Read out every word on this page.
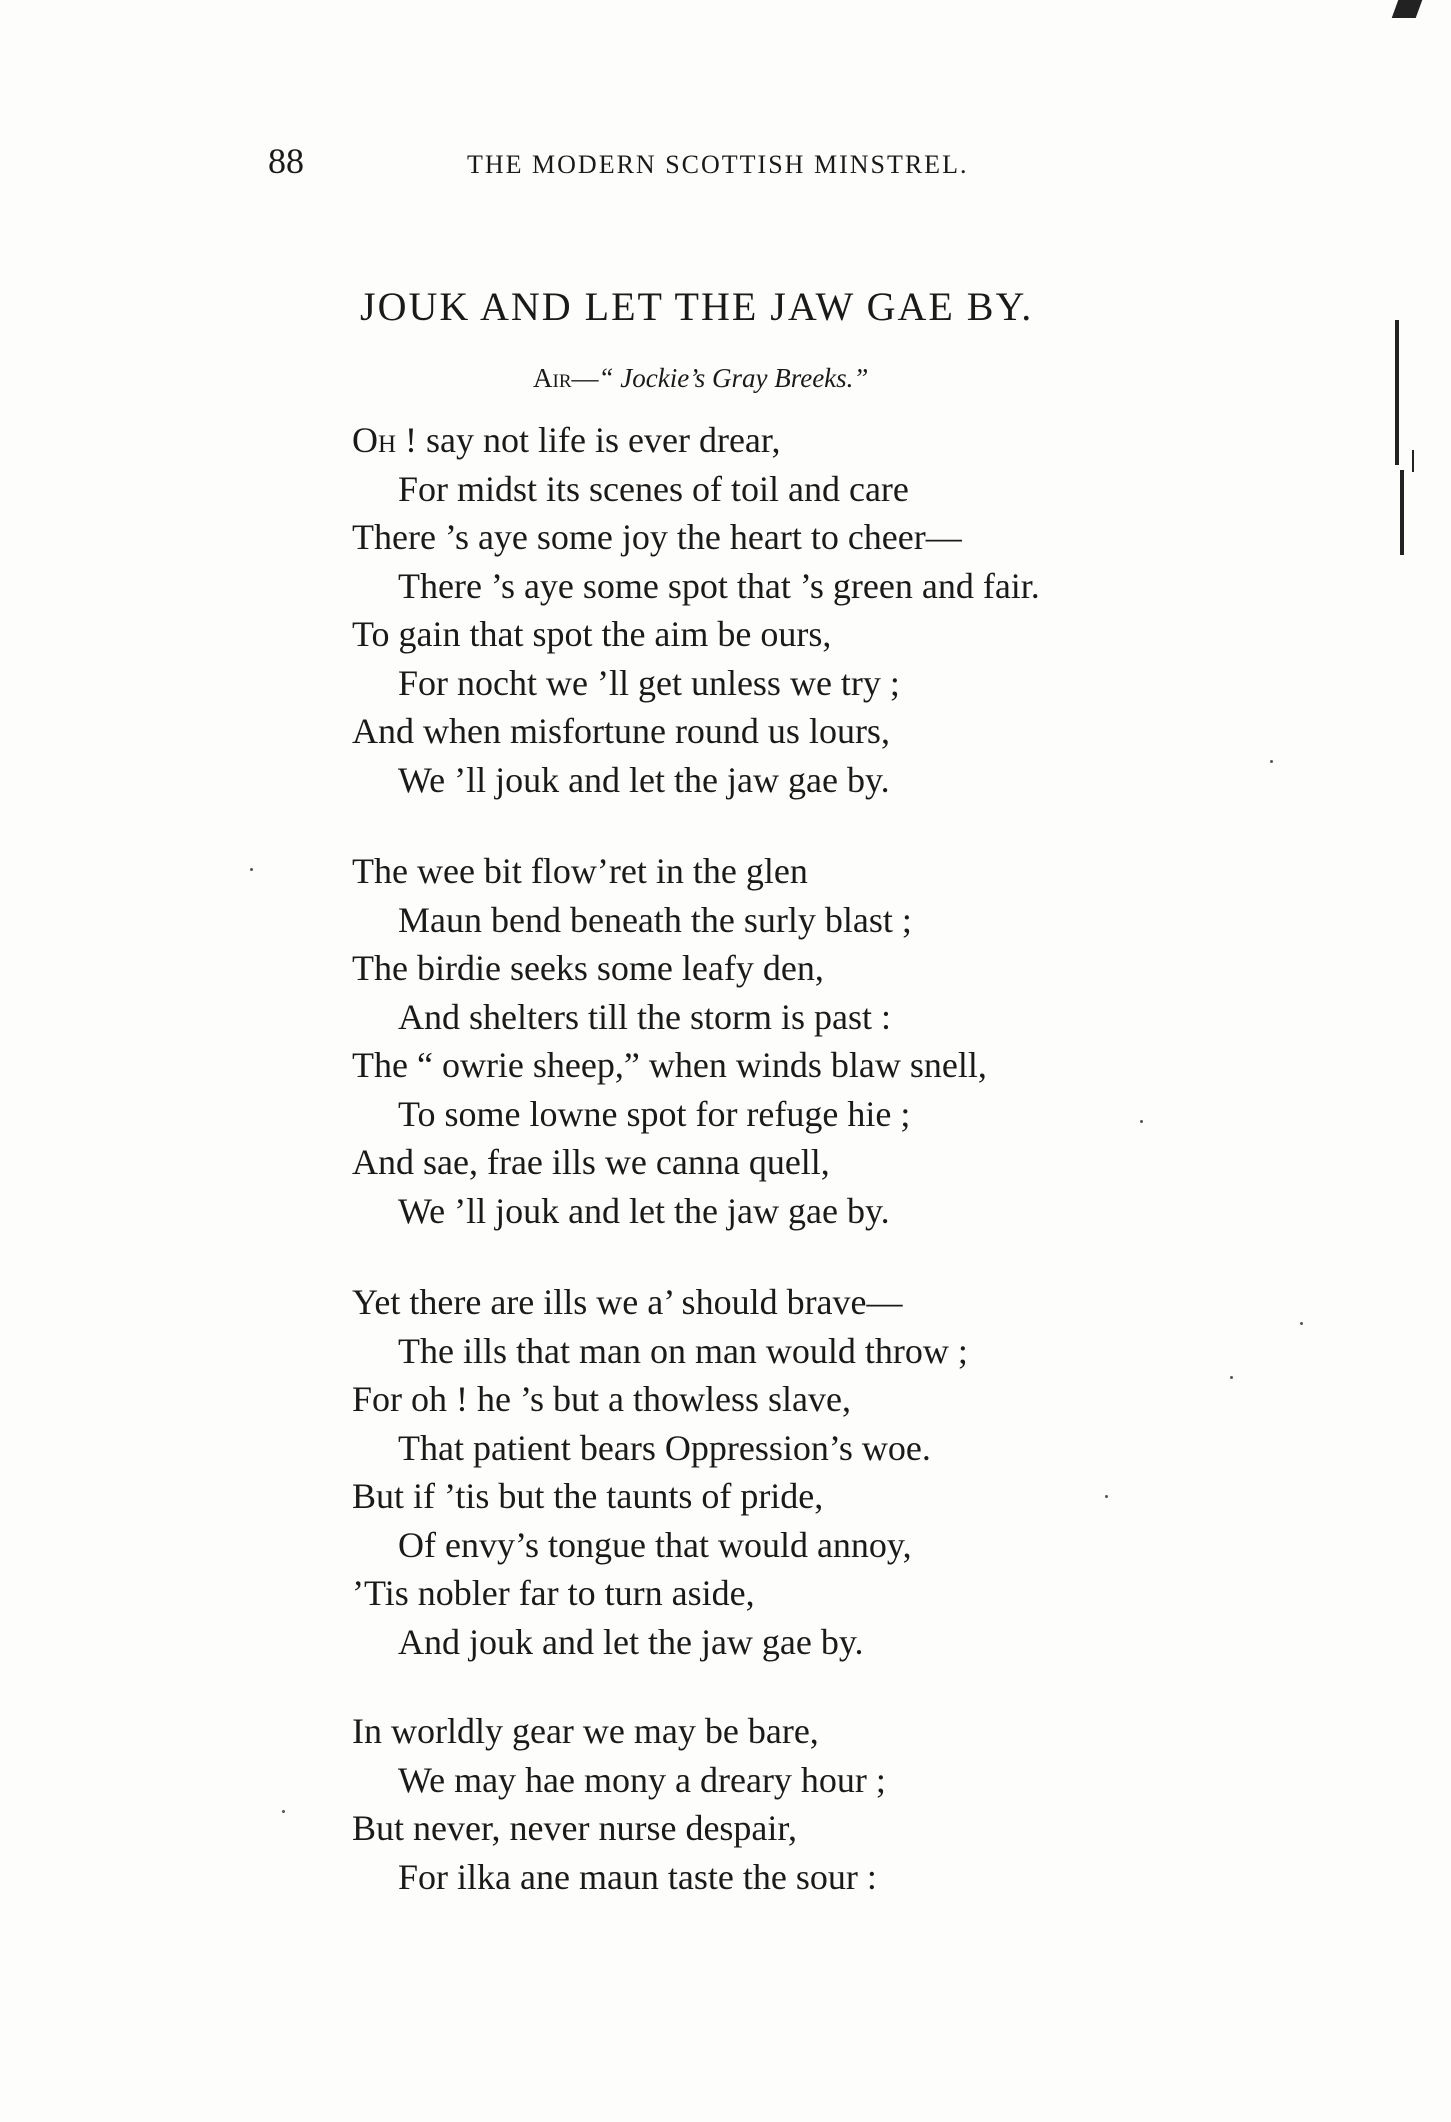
88	THE MODERN SCOTTISH MINSTREL.
JOUK AND LET THE JAW GAE BY.
Air—“ Jockie’s Gray Breeks.”
Oh ! say not life is ever drear,
For midst its scenes of toil and care
There ’s aye some joy the heart to cheer—
There ’s aye some spot that ’s green and fair.
To gain that spot the aim be ours,
For nocht we ’ll get unless we try ;
And when misfortune round us lours,
We ’ll jouk and let the jaw gae by.
The wee bit flow’ret in the glen
Maun bend beneath the surly blast ;
The birdie seeks some leafy den,
And shelters till the storm is past :
The “ owrie sheep,” when winds blaw snell,
To some lowne spot for refuge hie ;
And sae, frae ills we canna quell,
We ’ll jouk and let the jaw gae by.
Yet there are ills we a’ should brave—
The ills that man on man would throw ;
For oh ! he ’s but a thowless slave,
That patient bears Oppression’s woe.
But if ’tis but the taunts of pride,
Of envy’s tongue that would annoy,
’Tis nobler far to turn aside,
And jouk and let the jaw gae by.
In worldly gear we may be bare,
We may hae mony a dreary hour ;
But never, never nurse despair,
For ilka ane maun taste the sour :
